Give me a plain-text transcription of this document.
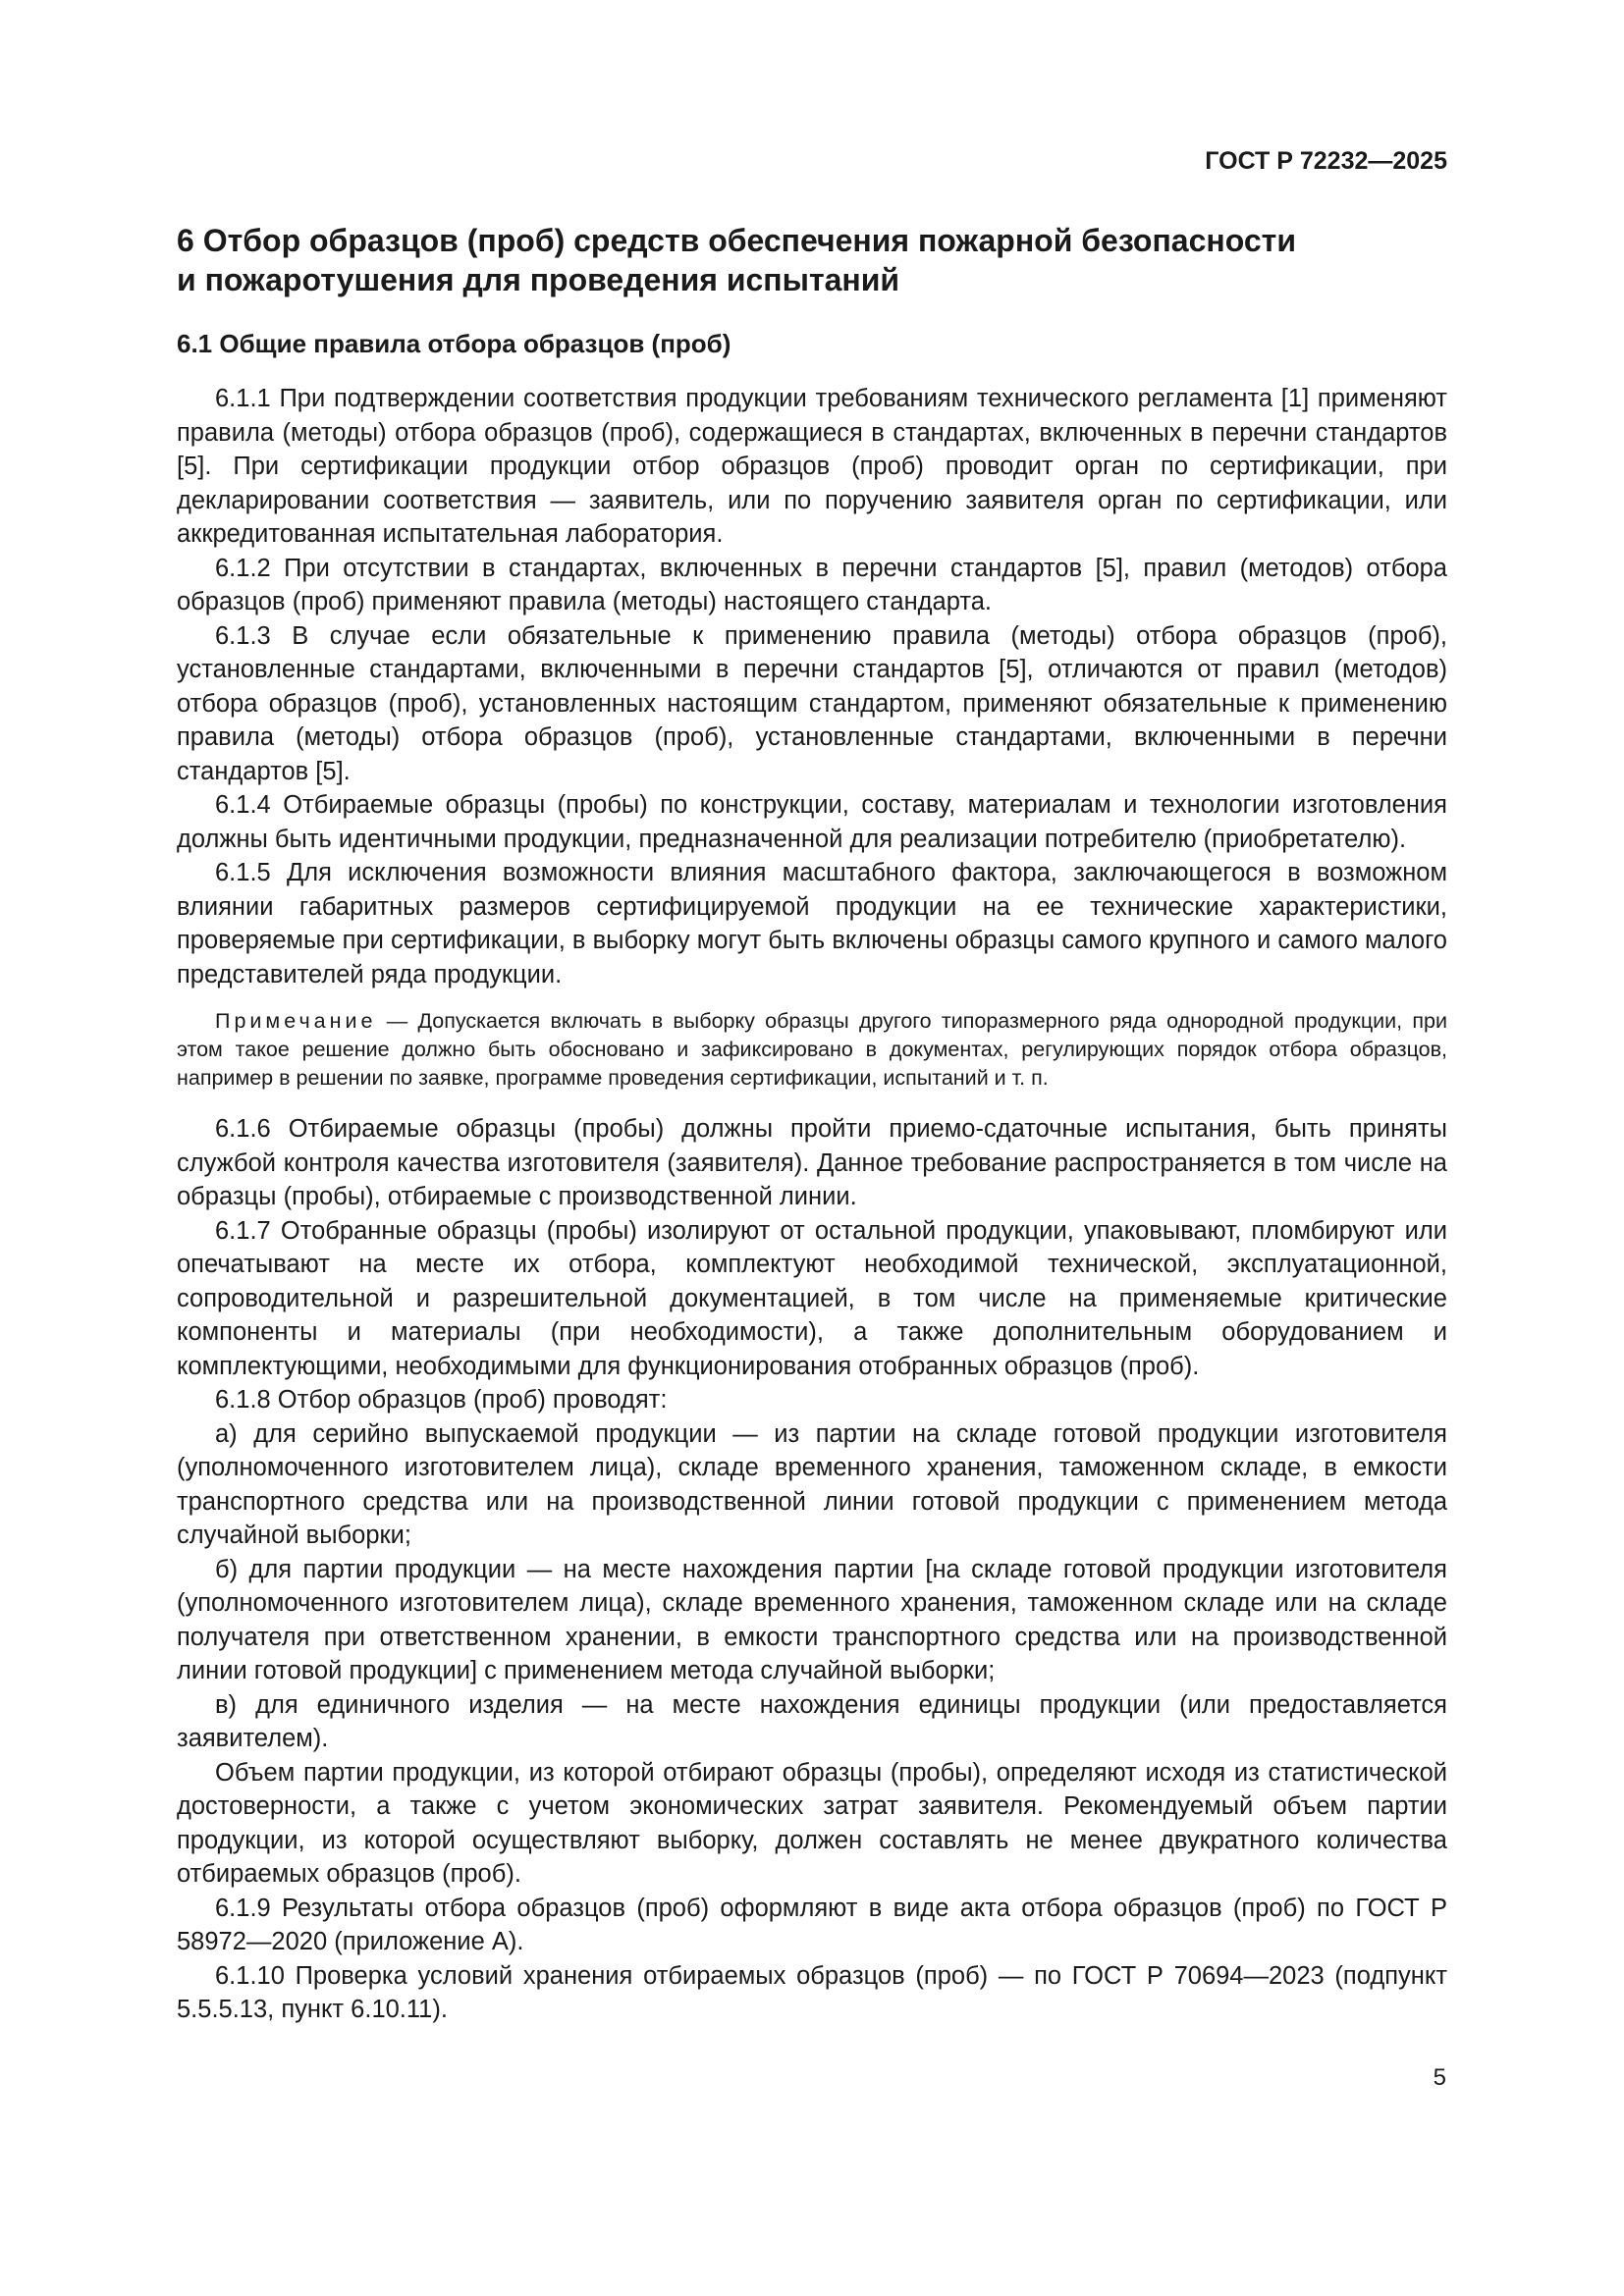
ГОСТ Р 72232—2025
6 Отбор образцов (проб) средств обеспечения пожарной безопасности
и пожаротушения для проведения испытаний
6.1 Общие правила отбора образцов (проб)

6.1.1 При подтверждении соответствия продукции требованиям технического регламента [1] применяют правила (методы) отбора образцов (проб), содержащиеся в стандартах, включенных в перечни стандартов [5]. При сертификации продукции отбор образцов (проб) проводит орган по сертификации, при декларировании соответствия — заявитель, или по поручению заявителя орган по сертификации, или аккредитованная испытательная лаборатория.

6.1.2 При отсутствии в стандартах, включенных в перечни стандартов [5], правил (методов) отбора образцов (проб) применяют правила (методы) настоящего стандарта.

6.1.3 В случае если обязательные к применению правила (методы) отбора образцов (проб), установленные стандартами, включенными в перечни стандартов [5], отличаются от правил (методов) отбора образцов (проб), установленных настоящим стандартом, применяют обязательные к применению правила (методы) отбора образцов (проб), установленные стандартами, включенными в перечни стандартов [5].

6.1.4 Отбираемые образцы (пробы) по конструкции, составу, материалам и технологии изготовления должны быть идентичными продукции, предназначенной для реализации потребителю (приобретателю).

6.1.5 Для исключения возможности влияния масштабного фактора, заключающегося в возможном влиянии габаритных размеров сертифицируемой продукции на ее технические характеристики, проверяемые при сертификации, в выборку могут быть включены образцы самого крупного и самого малого представителей ряда продукции.

Примечание — Допускается включать в выборку образцы другого типоразмерного ряда однородной продукции, при этом такое решение должно быть обосновано и зафиксировано в документах, регулирующих порядок отбора образцов, например в решении по заявке, программе проведения сертификации, испытаний и т. п.

6.1.6 Отбираемые образцы (пробы) должны пройти приемо-сдаточные испытания, быть приняты службой контроля качества изготовителя (заявителя). Данное требование распространяется в том числе на образцы (пробы), отбираемые с производственной линии.

6.1.7 Отобранные образцы (пробы) изолируют от остальной продукции, упаковывают, пломбируют или опечатывают на месте их отбора, комплектуют необходимой технической, эксплуатационной, сопроводительной и разрешительной документацией, в том числе на применяемые критические компоненты и материалы (при необходимости), а также дополнительным оборудованием и комплектующими, необходимыми для функционирования отобранных образцов (проб).

6.1.8 Отбор образцов (проб) проводят:

а) для серийно выпускаемой продукции — из партии на складе готовой продукции изготовителя (уполномоченного изготовителем лица), складе временного хранения, таможенном складе, в емкости транспортного средства или на производственной линии готовой продукции с применением метода случайной выборки;

б) для партии продукции — на месте нахождения партии [на складе готовой продукции изготовителя (уполномоченного изготовителем лица), складе временного хранения, таможенном складе или на складе получателя при ответственном хранении, в емкости транспортного средства или на производственной линии готовой продукции] с применением метода случайной выборки;

в) для единичного изделия — на месте нахождения единицы продукции (или предоставляется заявителем).

Объем партии продукции, из которой отбирают образцы (пробы), определяют исходя из статистической достоверности, а также с учетом экономических затрат заявителя. Рекомендуемый объем партии продукции, из которой осуществляют выборку, должен составлять не менее двукратного количества отбираемых образцов (проб).

6.1.9 Результаты отбора образцов (проб) оформляют в виде акта отбора образцов (проб) по ГОСТ Р 58972—2020 (приложение А).

6.1.10 Проверка условий хранения отбираемых образцов (проб) — по ГОСТ Р 70694—2023 (подпункт 5.5.5.13, пункт 6.10.11).

5
